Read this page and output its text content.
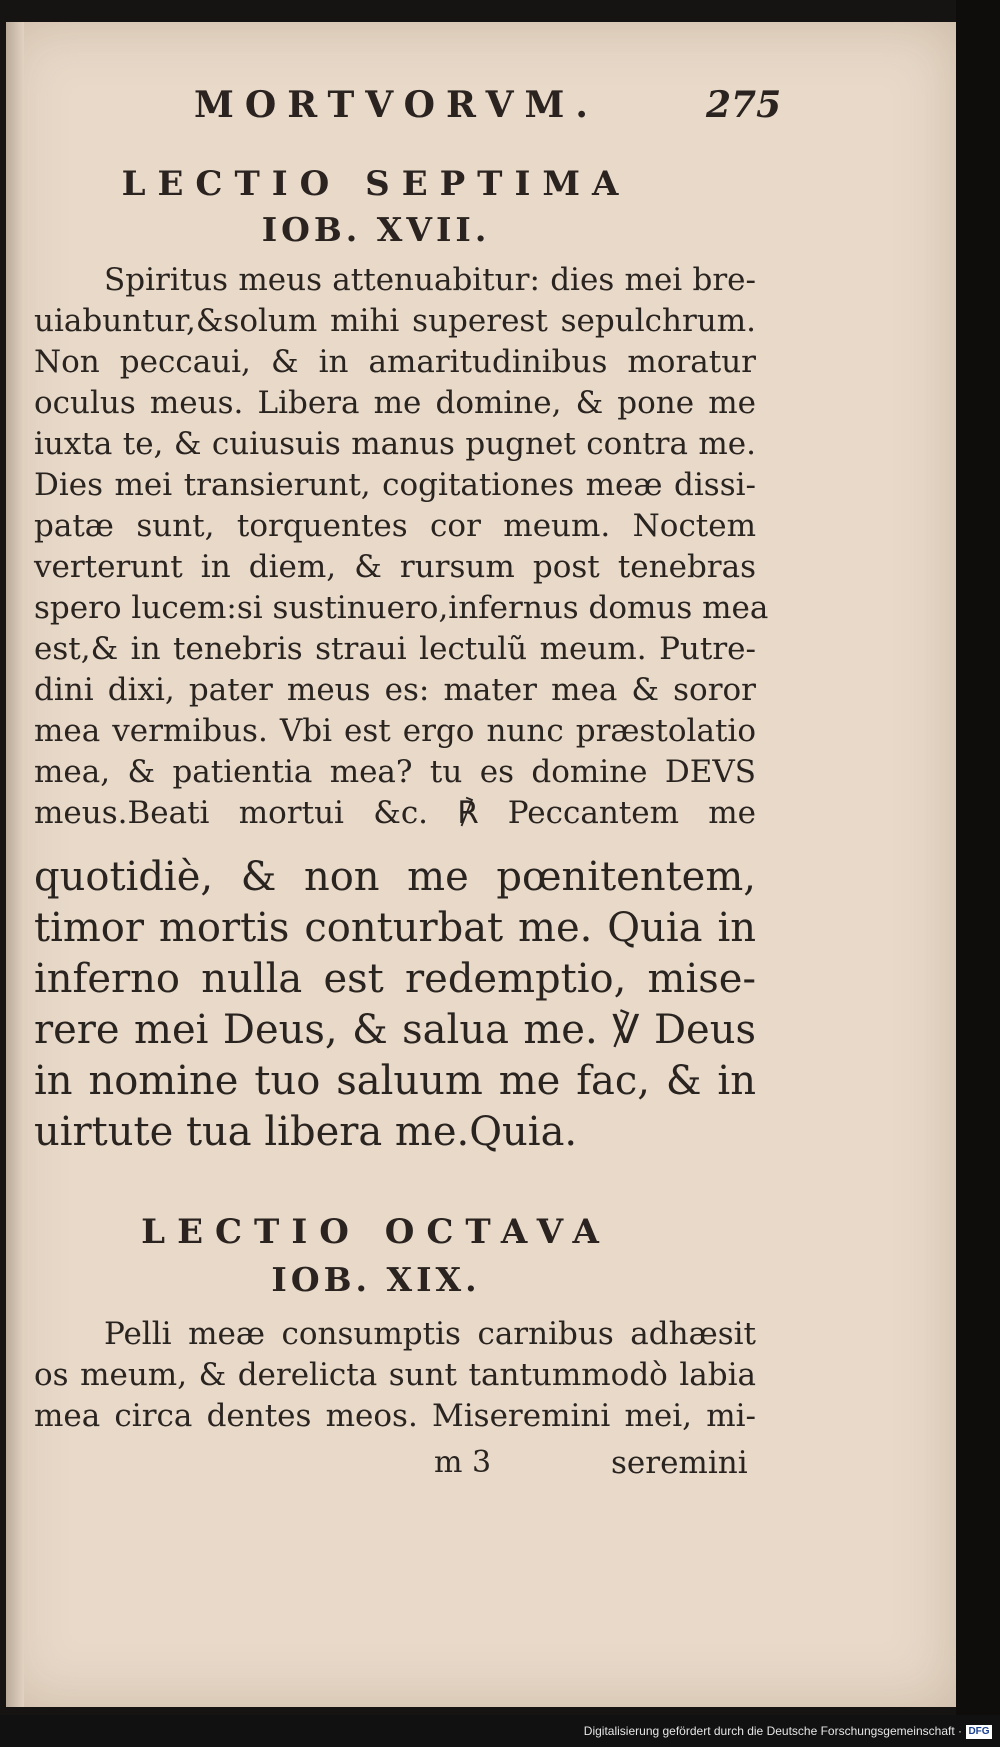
MORTVORVM.	275
LECTIO SEPTIMA
IOB. XVII.
Spiritus meus attenuabitur: dies mei bre-
uiabuntur,&solum mihi superest sepulchrum.
Non peccaui, & in amaritudinibus moratur
oculus meus. Libera me domine, & pone me
iuxta te, & cuiusuis manus pugnet contra me.
Dies mei transierunt, cogitationes meæ dissi-
patæ sunt, torquentes cor meum. Noctem
verterunt in diem, & rursum post tenebras
spero lucem:si sustinuero,infernus domus mea
est,& in tenebris straui lectulũ meum. Putre-
dini dixi, pater meus es: mater mea & soror
mea vermibus. Vbi est ergo nunc præstolatio
mea, & patientia mea? tu es domine DEVS
meus.Beati mortui &c. ℟ Peccantem me
quotidiè, & non me pœnitentem,
timor mortis conturbat me. Quia in
inferno nulla est redemptio, mise-
rere mei Deus, & salua me. ℣ Deus
in nomine tuo saluum me fac, & in
uirtute tua libera me.Quia.
LECTIO OCTAVA
IOB. XIX.
Pelli meæ consumptis carnibus adhæsit
os meum, & derelicta sunt tantummodò labia
mea circa dentes meos. Miseremini mei, mi-
m 3	seremini
Digitalisierung gefördert durch die Deutsche Forschungsgemeinschaft · DFG
